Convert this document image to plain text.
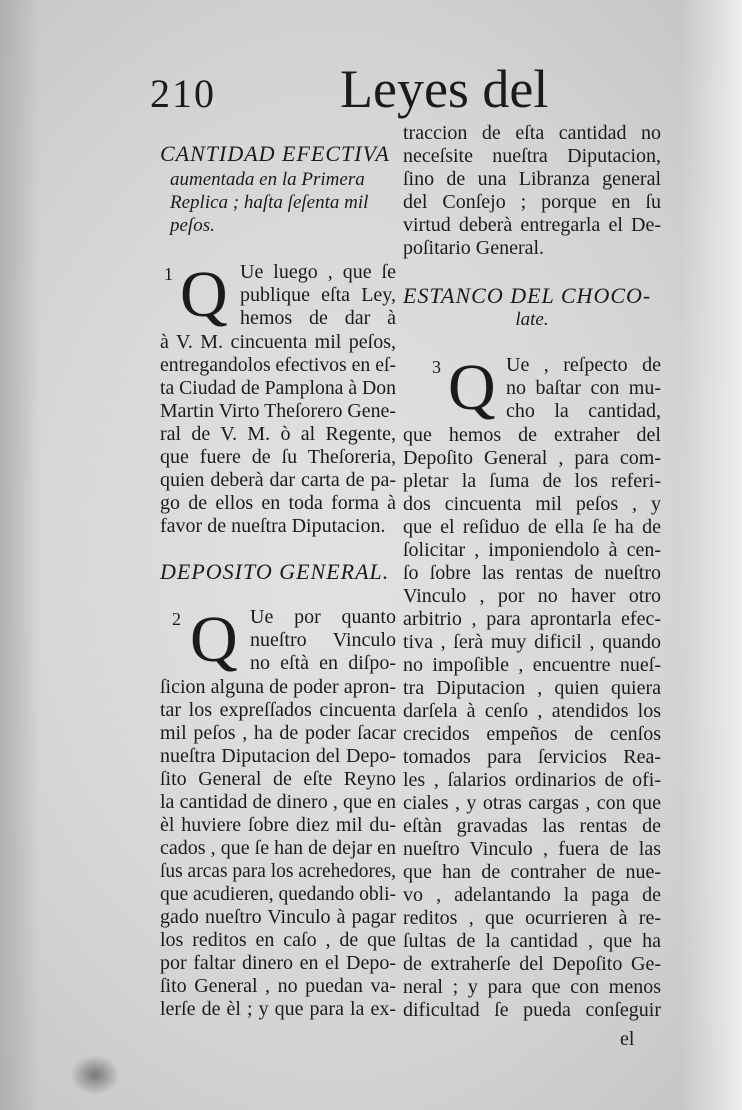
210 Leyes del
CANTIDAD EFECTIVA
aumentada en la Primera
Replica ; haſta ſeſenta mil
peſos.
1 Q Ue luego , que ſe
publique eſta Ley,
hemos de dar à
à V. M. cincuenta mil peſos,
entregandolos efectivos en eſ-
ta Ciudad de Pamplona à Don
Martin Virto Theſorero Gene-
ral de V. M. ò al Regente,
que fuere de ſu Theſoreria,
quien deberà dar carta de pa-
go de ellos en toda forma à
favor de nueſtra Diputacion.
DEPOSITO GENERAL.
2 Q Ue por quanto
nueſtro Vinculo
no eſtà en diſpo-
ſicion alguna de poder apron-
tar los expreſſados cincuenta
mil peſos , ha de poder ſacar
nueſtra Diputacion del Depo-
ſito General de eſte Reyno
la cantidad de dinero , que en
èl huviere ſobre diez mil du-
cados , que ſe han de dejar en
ſus arcas para los acrehedores,
que acudieren, quedando obli-
gado nueſtro Vinculo à pagar
los reditos en caſo , de que
por faltar dinero en el Depo-
ſito General , no puedan va-
lerſe de èl ; y que para la ex-
traccion de eſta cantidad no
neceſsite nueſtra Diputacion,
ſino de una Libranza general
del Conſejo ; porque en ſu
virtud deberà entregarla el De-
poſitario General.
ESTANCO DEL CHOCO-
late.
3 Q Ue , reſpecto de
no baſtar con mu-
cho la cantidad,
que hemos de extraher del
Depoſito General , para com-
pletar la ſuma de los referi-
dos cincuenta mil peſos , y
que el reſiduo de ella ſe ha de
ſolicitar , imponiendolo à cen-
ſo ſobre las rentas de nueſtro
Vinculo , por no haver otro
arbitrio , para aprontarla efec-
tiva , ſerà muy dificil , quando
no impoſible , encuentre nueſ-
tra Diputacion , quien quiera
darſela à cenſo , atendidos los
crecidos empeños de cenſos
tomados para ſervicios Rea-
les , ſalarios ordinarios de ofi-
ciales , y otras cargas , con que
eſtàn gravadas las rentas de
nueſtro Vinculo , fuera de las
que han de contraher de nue-
vo , adelantando la paga de
reditos , que ocurrieren à re-
ſultas de la cantidad , que ha
de extraherſe del Depoſito Ge-
neral ; y para que con menos
dificultad ſe pueda conſeguir
el
